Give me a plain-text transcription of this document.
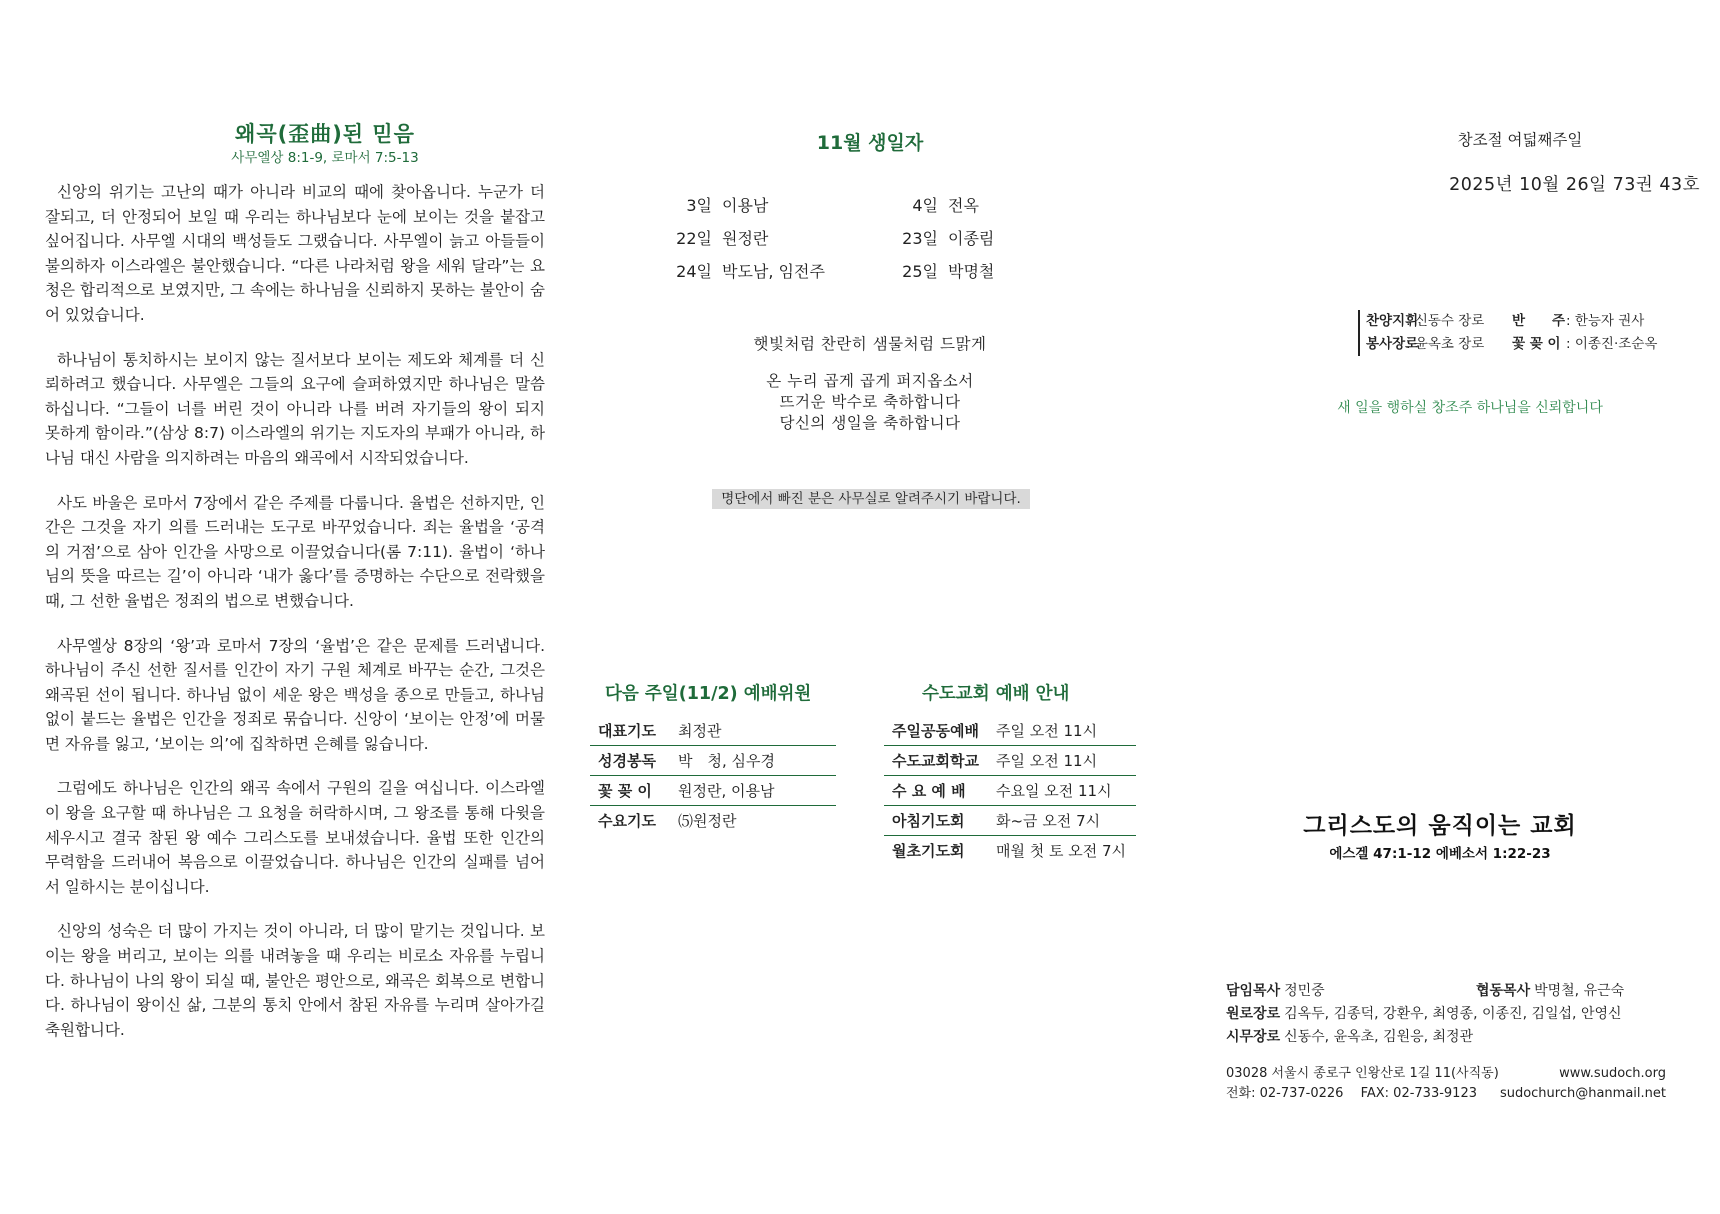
왜곡(歪曲)된 믿음
사무엘상 8:1-9, 로마서 7:5-13

신앙의 위기는 고난의 때가 아니라 비교의 때에 찾아옵니다. 누군가 더 잘되고, 더 안정되어 보일 때 우리는 하나님보다 눈에 보이는 것을 붙잡고 싶어집니다. 사무엘 시대의 백성들도 그랬습니다. 사무엘이 늙고 아들들이 불의하자 이스라엘은 불안했습니다. “다른 나라처럼 왕을 세워 달라”는 요청은 합리적으로 보였지만, 그 속에는 하나님을 신뢰하지 못하는 불안이 숨어 있었습니다.

하나님이 통치하시는 보이지 않는 질서보다 보이는 제도와 체계를 더 신뢰하려고 했습니다. 사무엘은 그들의 요구에 슬퍼하였지만 하나님은 말씀하십니다. “그들이 너를 버린 것이 아니라 나를 버려 자기들의 왕이 되지 못하게 함이라.”(삼상 8:7) 이스라엘의 위기는 지도자의 부패가 아니라, 하나님 대신 사람을 의지하려는 마음의 왜곡에서 시작되었습니다.

사도 바울은 로마서 7장에서 같은 주제를 다룹니다. 율법은 선하지만, 인간은 그것을 자기 의를 드러내는 도구로 바꾸었습니다. 죄는 율법을 ‘공격의 거점’으로 삼아 인간을 사망으로 이끌었습니다(롬 7:11). 율법이 ‘하나님의 뜻을 따르는 길’이 아니라 ‘내가 옳다’를 증명하는 수단으로 전락했을 때, 그 선한 율법은 정죄의 법으로 변했습니다.

사무엘상 8장의 ‘왕’과 로마서 7장의 ‘율법’은 같은 문제를 드러냅니다. 하나님이 주신 선한 질서를 인간이 자기 구원 체계로 바꾸는 순간, 그것은 왜곡된 선이 됩니다. 하나님 없이 세운 왕은 백성을 종으로 만들고, 하나님 없이 붙드는 율법은 인간을 정죄로 묶습니다. 신앙이 ‘보이는 안정’에 머물면 자유를 잃고, ‘보이는 의’에 집착하면 은혜를 잃습니다.

그럼에도 하나님은 인간의 왜곡 속에서 구원의 길을 여십니다. 이스라엘이 왕을 요구할 때 하나님은 그 요청을 허락하시며, 그 왕조를 통해 다윗을 세우시고 결국 참된 왕 예수 그리스도를 보내셨습니다. 율법 또한 인간의 무력함을 드러내어 복음으로 이끌었습니다. 하나님은 인간의 실패를 넘어서 일하시는 분이십니다.

신앙의 성숙은 더 많이 가지는 것이 아니라, 더 많이 맡기는 것입니다. 보이는 왕을 버리고, 보이는 의를 내려놓을 때 우리는 비로소 자유를 누립니다. 하나님이 나의 왕이 되실 때, 불안은 평안으로, 왜곡은 회복으로 변합니다. 하나님이 왕이신 삶, 그분의 통치 안에서 참된 자유를 누리며 살아가길 축원합니다.

11월 생일자
3일 이용남	4일 전옥
22일 원정란	23일 이종림
24일 박도남, 임전주	25일 박명철
햇빛처럼 찬란히 샘물처럼 드맑게
온 누리 곱게 곱게 퍼지옵소서
뜨거운 박수로 축하합니다
당신의 생일을 축하합니다
명단에서 빠진 분은 사무실로 알려주시기 바랍니다.
다음 주일(11/2) 예배위원
대표기도	최정관
성경봉독	박　청, 심우경
꽃 꽂 이	원정란, 이용남
수요기도	⑸원정란
수도교회 예배 안내
주일공동예배	주일 오전 11시
수도교회학교	주일 오전 11시
수 요 예 배	수요일 오전 11시
아침기도회	화~금 오전 7시
월초기도회	매월 첫 토 오전 7시
창조절 여덟째주일
2025년 10월 26일 73권 43호
찬양지휘: 신동수 장로 반　　주: 한능자 권사
봉사장로: 윤옥초 장로 꽃 꽂 이 : 이종진·조순옥
새 일을 행하실 창조주 하나님을 신뢰합니다
그리스도의 움직이는 교회
에스겔 47:1-12 에베소서 1:22-23
담임목사 정민중	협동목사 박명철, 유근숙
원로장로 김옥두, 김종덕, 강환우, 최영종, 이종진, 김일섭, 안영신
시무장로 신동수, 윤옥초, 김원응, 최정관
03028 서울시 종로구 인왕산로 1길 11(사직동)	www.sudoch.org
전화: 02-737-0226　 FAX: 02-733-9123 sudochurch@hanmail.net
